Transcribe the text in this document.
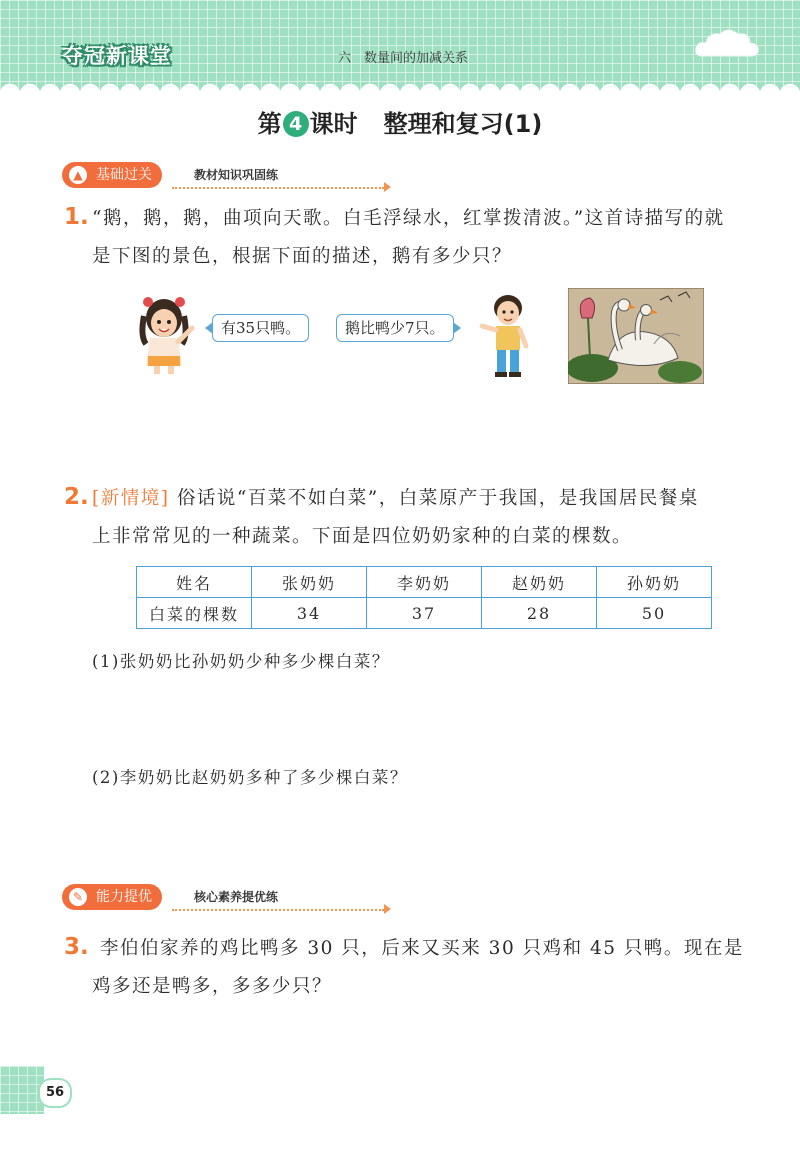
夺冠新课堂	六　数量间的加减关系
第 4 课时 整理和复习(1)
▲ 基础过关	教材知识巩固练
1. “鹅，鹅，鹅，曲项向天歌。白毛浮绿水，红掌拨清波。”这首诗描写的就
是下图的景色，根据下面的描述，鹅有多少只？
有35只鸭。	鹅比鸭少7只。
2. [新情境] 俗话说“百菜不如白菜”，白菜原产于我国，是我国居民餐桌
上非常常见的一种蔬菜。下面是四位奶奶家种的白菜的棵数。
姓名	张奶奶	李奶奶	赵奶奶	孙奶奶
白菜的棵数	34	37	28	50
(1)张奶奶比孙奶奶少种多少棵白菜？
(2)李奶奶比赵奶奶多种了多少棵白菜？
✎ 能力提优	核心素养提优练
3. 李伯伯家养的鸡比鸭多 30 只，后来又买来 30 只鸡和 45 只鸭。现在是
鸡多还是鸭多，多多少只？
56
